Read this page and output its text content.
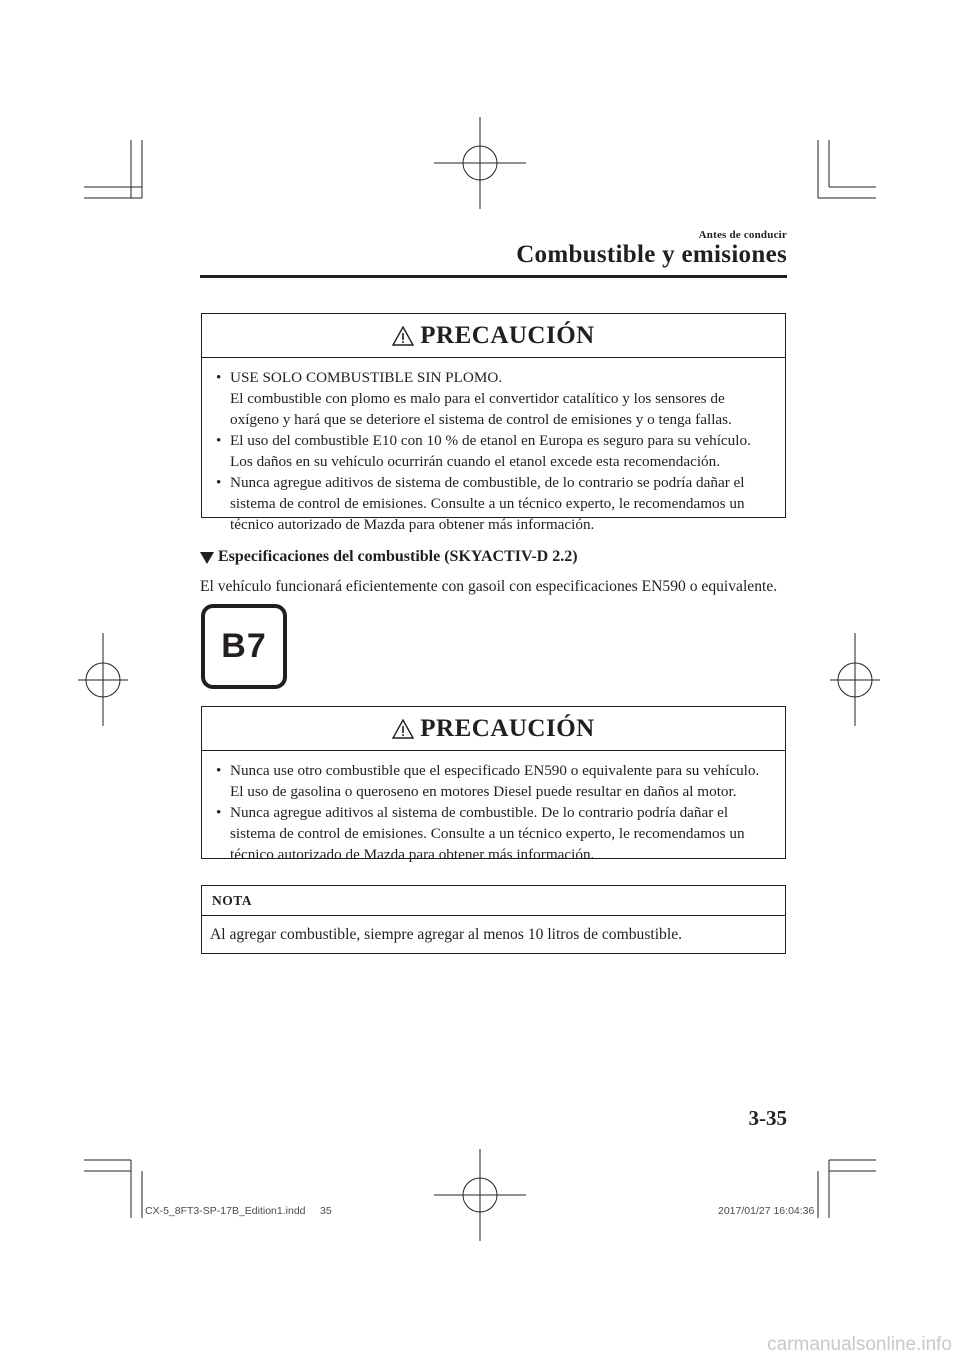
Antes de conducir
Combustible y emisiones
PRECAUCIÓN
• USE SOLO COMBUSTIBLE SIN PLOMO.
El combustible con plomo es malo para el convertidor catalítico y los sensores de
oxígeno y hará que se deteriore el sistema de control de emisiones y o tenga fallas.
• El uso del combustible E10 con 10 % de etanol en Europa es seguro para su vehículo.
Los daños en su vehículo ocurrirán cuando el etanol excede esta recomendación.
• Nunca agregue aditivos de sistema de combustible, de lo contrario se podría dañar el
sistema de control de emisiones. Consulte a un técnico experto, le recomendamos un
técnico autorizado de Mazda para obtener más información.
Especificaciones del combustible (SKYACTIV-D 2.2)
El vehículo funcionará eficientemente con gasoil con especificaciones EN590 o equivalente.
B7
PRECAUCIÓN
• Nunca use otro combustible que el especificado EN590 o equivalente para su vehículo.
El uso de gasolina o queroseno en motores Diesel puede resultar en daños al motor.
• Nunca agregue aditivos al sistema de combustible. De lo contrario podría dañar el
sistema de control de emisiones. Consulte a un técnico experto, le recomendamos un
técnico autorizado de Mazda para obtener más información.
NOTA
Al agregar combustible, siempre agregar al menos 10 litros de combustible.
3-35
CX-5_8FT3-SP-17B_Edition1.indd 35	2017/01/27 16:04:36
carmanualsonline.info
